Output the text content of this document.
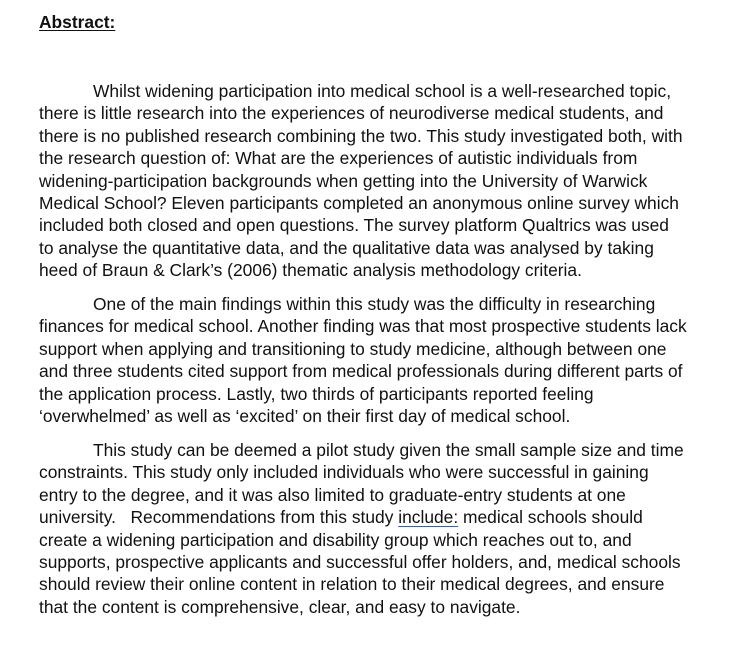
Abstract:

Whilst widening participation into medical school is a well-researched topic,
there is little research into the experiences of neurodiverse medical students, and
there is no published research combining the two. This study investigated both, with
the research question of: What are the experiences of autistic individuals from
widening-participation backgrounds when getting into the University of Warwick
Medical School? Eleven participants completed an anonymous online survey which
included both closed and open questions. The survey platform Qualtrics was used
to analyse the quantitative data, and the qualitative data was analysed by taking
heed of Braun & Clark’s (2006) thematic analysis methodology criteria.

One of the main findings within this study was the difficulty in researching
finances for medical school. Another finding was that most prospective students lack
support when applying and transitioning to study medicine, although between one
and three students cited support from medical professionals during different parts of
the application process. Lastly, two thirds of participants reported feeling
‘overwhelmed’ as well as ‘excited’ on their first day of medical school.

This study can be deemed a pilot study given the small sample size and time
constraints. This study only included individuals who were successful in gaining
entry to the degree, and it was also limited to graduate-entry students at one
university.   Recommendations from this study include: medical schools should
create a widening participation and disability group which reaches out to, and
supports, prospective applicants and successful offer holders, and, medical schools
should review their online content in relation to their medical degrees, and ensure
that the content is comprehensive, clear, and easy to navigate.
